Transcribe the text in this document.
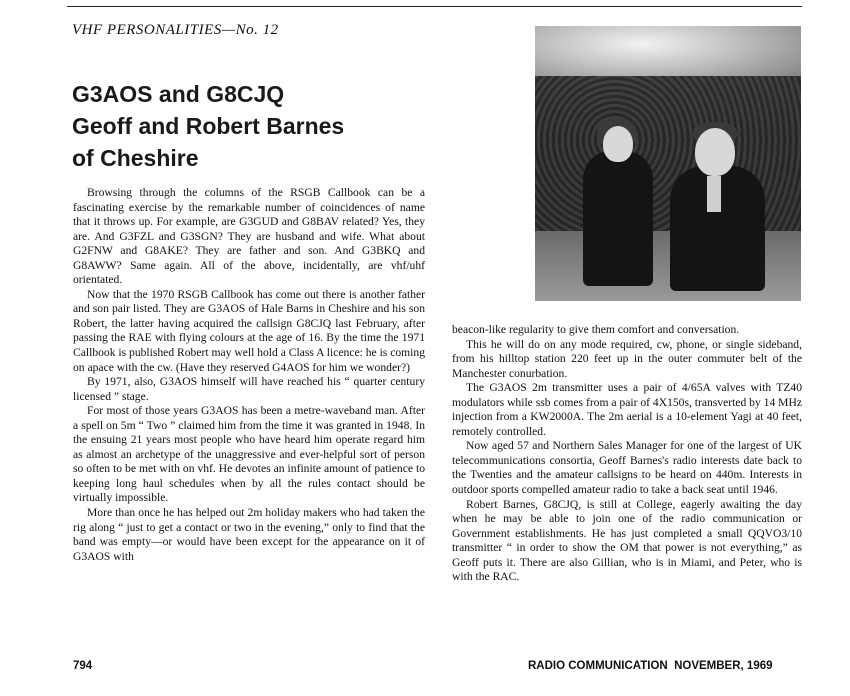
VHF PERSONALITIES—No. 12
G3AOS and G8CJQ
Geoff and Robert Barnes
of Cheshire

Browsing through the columns of the RSGB Callbook can be a fascinating exercise by the remarkable number of coincidences of name that it throws up. For example, are G3GUD and G8BAV related? Yes, they are. And G3FZL and G3SGN? They are husband and wife. What about G2FNW and G8AKE? They are father and son. And G3BKQ and G8AWW? Same again. All of the above, incidentally, are vhf/uhf orientated.

Now that the 1970 RSGB Callbook has come out there is another father and son pair listed. They are G3AOS of Hale Barns in Cheshire and his son Robert, the latter having acquired the callsign G8CJQ last February, after passing the RAE with flying colours at the age of 16. By the time the 1971 Callbook is published Robert may well hold a Class A licence: he is coming on apace with the cw. (Have they reserved G4AOS for him we wonder?)

By 1971, also, G3AOS himself will have reached his “ quarter century licensed ” stage.

For most of those years G3AOS has been a metre-waveband man. After a spell on 5m “ Two ” claimed him from the time it was granted in 1948. In the ensuing 21 years most people who have heard him operate regard him as almost an archetype of the unaggressive and ever-helpful sort of person so often to be met with on vhf. He devotes an infinite amount of patience to keeping long haul schedules when by all the rules contact should be virtually impossible.

More than once he has helped out 2m holiday makers who had taken the rig along “ just to get a contact or two in the evening,” only to find that the band was empty—or would have been except for the appearance on it of G3AOS with

beacon-like regularity to give them comfort and conversation.

This he will do on any mode required, cw, phone, or single sideband, from his hilltop station 220 feet up in the outer commuter belt of the Manchester conurbation.

The G3AOS 2m transmitter uses a pair of 4/65A valves with TZ40 modulators while ssb comes from a pair of 4X150s, transverted by 14 MHz injection from a KW2000A. The 2m aerial is a 10-element Yagi at 40 feet, remotely controlled.

Now aged 57 and Northern Sales Manager for one of the largest of UK telecommunications consortia, Geoff Barnes's radio interests date back to the Twenties and the amateur callsigns to be heard on 440m. Interests in outdoor sports compelled amateur radio to take a back seat until 1946.

Robert Barnes, G8CJQ, is still at College, eagerly awaiting the day when he may be able to join one of the radio communication or Government establishments. He has just completed a small QQVO3/10 transmitter “ in order to show the OM that power is not everything,” as Geoff puts it. There are also Gillian, who is in Miami, and Peter, who is with the RAC.

794	RADIO COMMUNICATION  NOVEMBER, 1969
